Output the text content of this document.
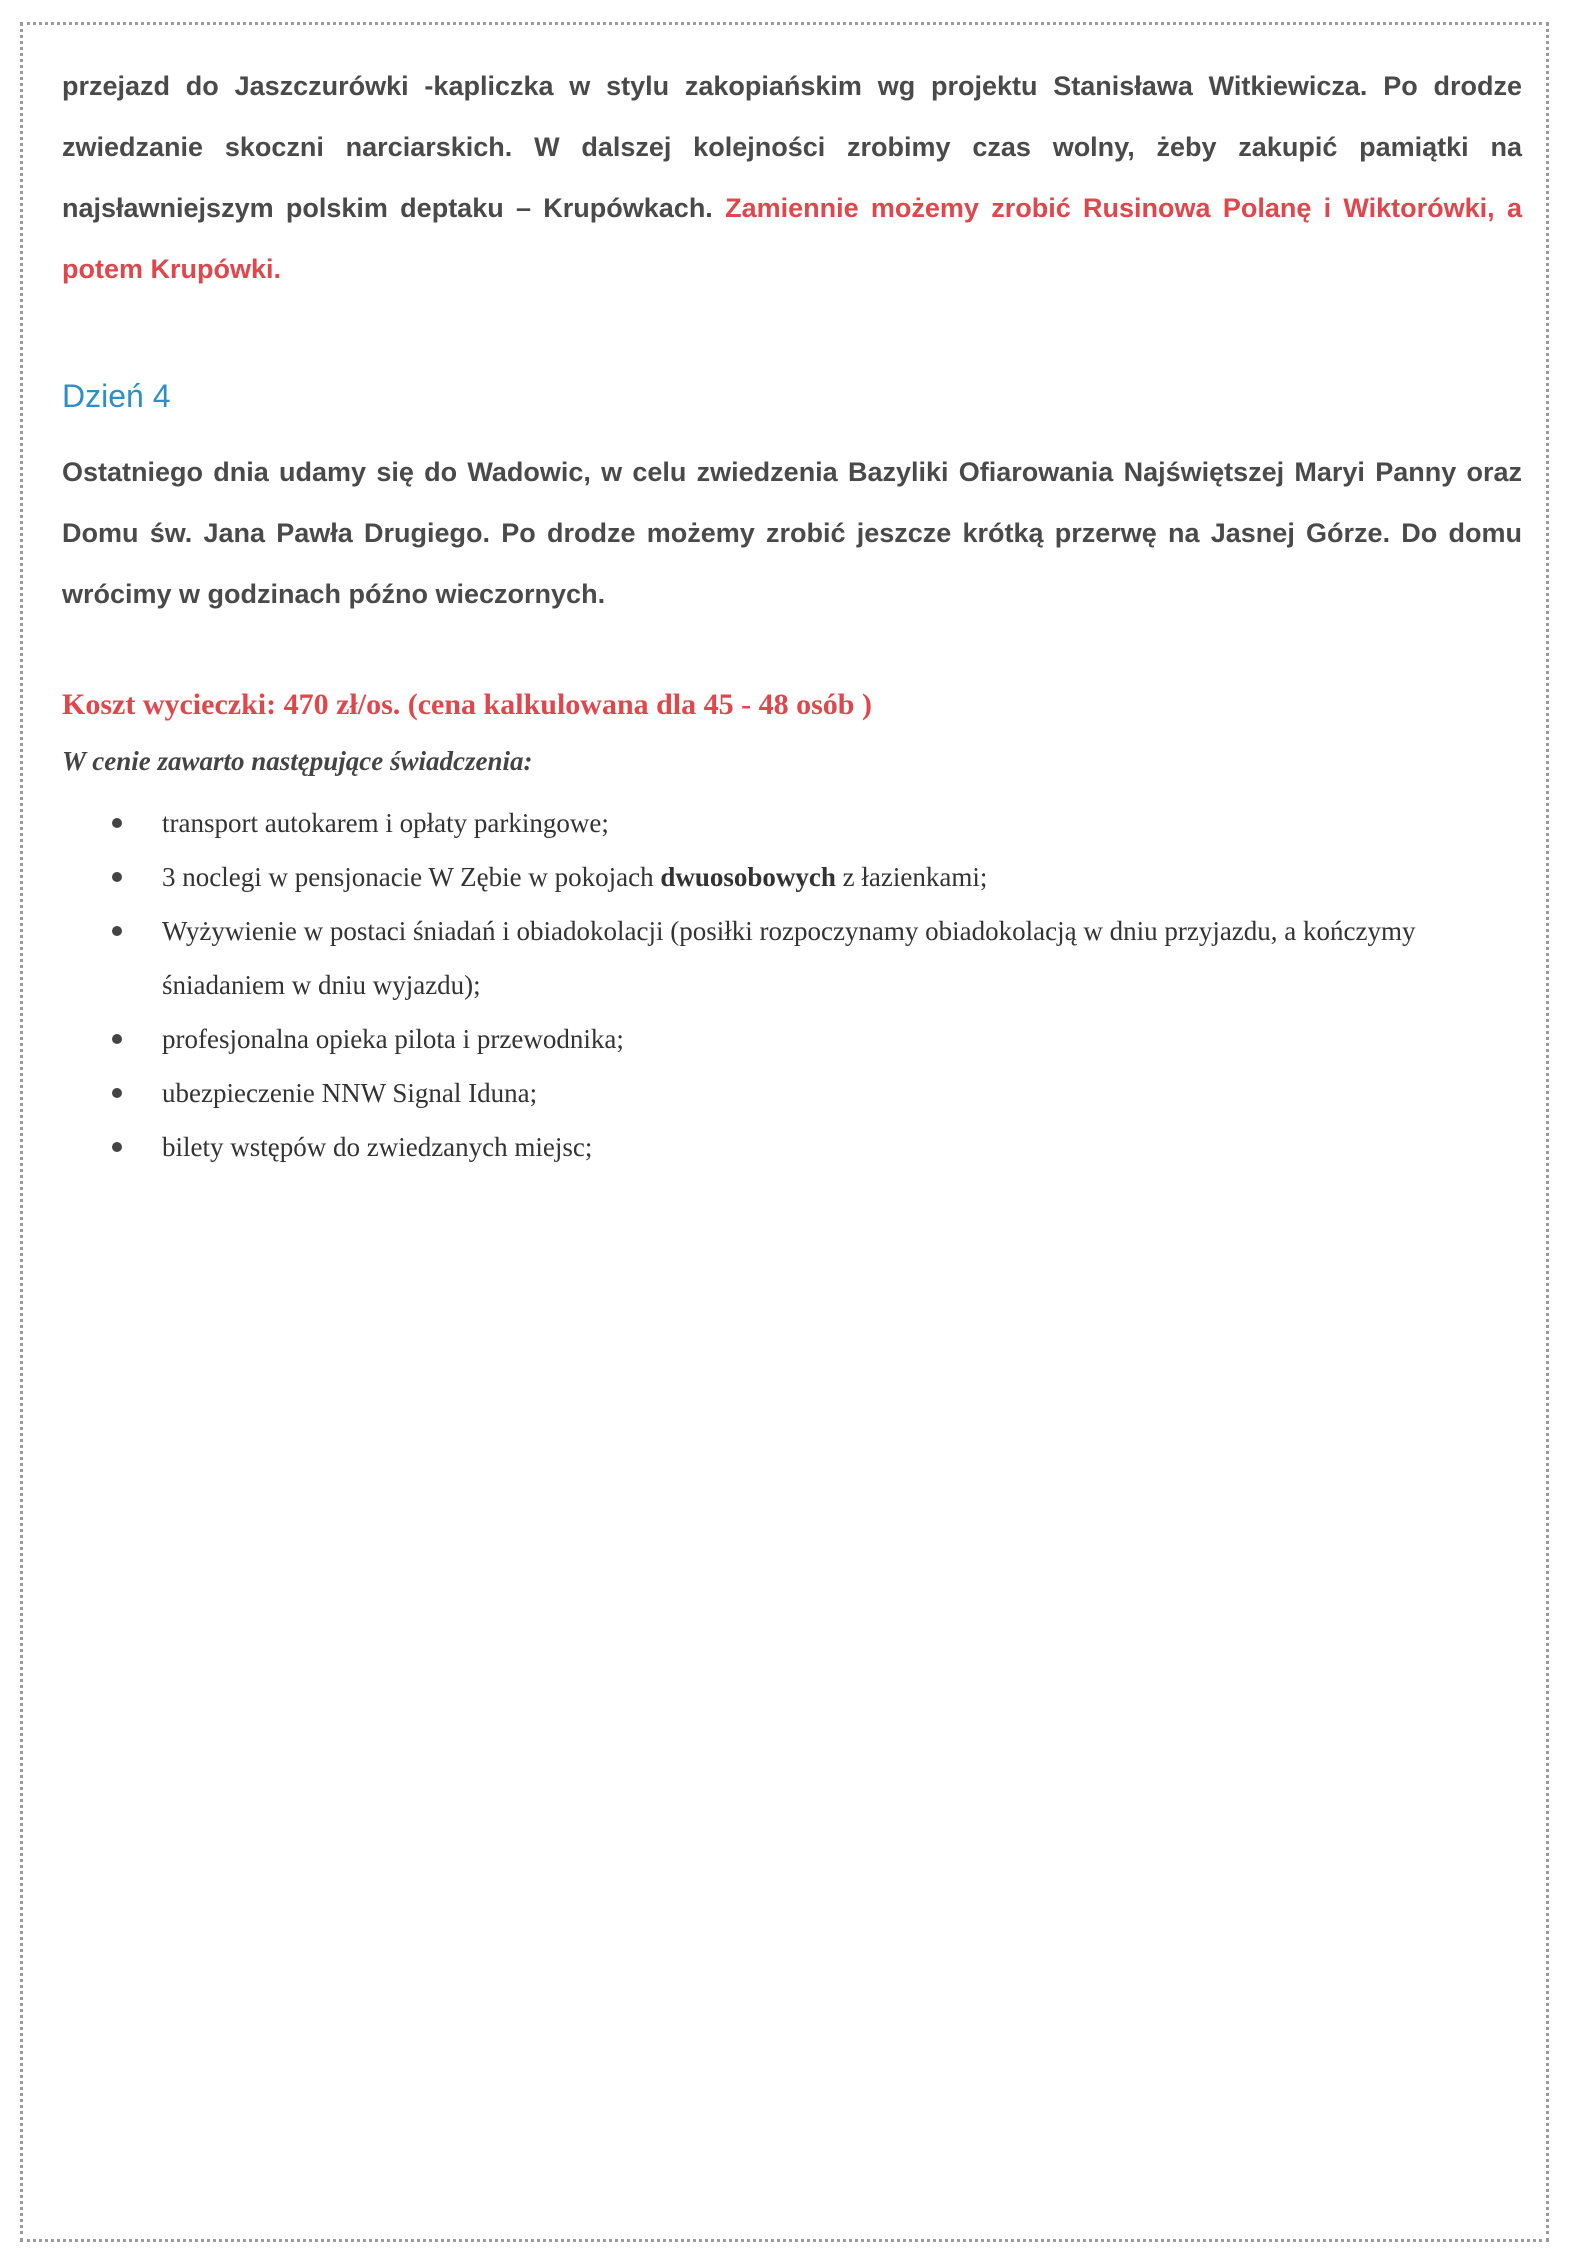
przejazd do Jaszczurówki -kapliczka w stylu zakopiańskim wg projektu Stanisława Witkiewicza. Po drodze zwiedzanie skoczni narciarskich. W dalszej kolejności zrobimy czas wolny, żeby zakupić pamiątki na najsławniejszym polskim deptaku – Krupówkach. Zamiennie możemy zrobić Rusinowa Polanę i Wiktorówki, a potem Krupówki.

Dzień 4

Ostatniego dnia udamy się do Wadowic, w celu zwiedzenia Bazyliki Ofiarowania Najświętszej Maryi Panny oraz Domu św. Jana Pawła Drugiego. Po drodze możemy zrobić jeszcze krótką przerwę na Jasnej Górze. Do domu wrócimy w godzinach późno wieczornych.

Koszt wycieczki: 470 zł/os. (cena kalkulowana dla 45 - 48 osób )

W cenie zawarto następujące świadczenia:

transport autokarem i opłaty parkingowe;
3 noclegi w pensjonacie W Zębie w pokojach dwuosobowych z łazienkami;
Wyżywienie w postaci śniadań i obiadokolacji (posiłki rozpoczynamy obiadokolacją w dniu przyjazdu, a kończymy śniadaniem w dniu wyjazdu);
profesjonalna opieka pilota i przewodnika;
ubezpieczenie NNW Signal Iduna;
bilety wstępów do zwiedzanych miejsc;
